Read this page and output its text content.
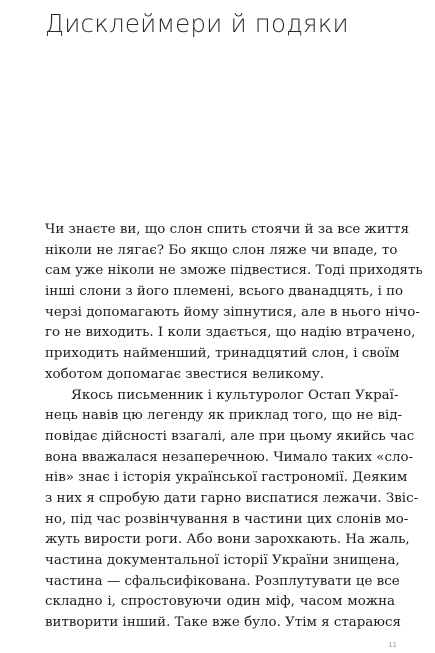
Дисклеймери й подяки
Чи знаєте ви, що слон спить стоячи й за все життя
ніколи не лягає? Бо якщо слон ляже чи впаде, то
сам уже ніколи не зможе підвестися. Тоді приходять
інші слони з його племені, всього дванадцять, і по
черзі допомагають йому зіпнутися, але в нього нічо-
го не виходить. І коли здається, що надію втрачено,
приходить найменший, тринадцятий слон, і своїм
хоботом допомагає звестися великому.
Якось письменник і культуролог Остап Украї-
нець навів цю легенду як приклад того, що не від-
повідає дійсності взагалі, але при цьому якийсь час
вона вважалася незаперечною. Чимало таких «сло-
нів» знає і історія української гастрономії. Деяким
з них я спробую дати гарно виспатися лежачи. Звіс-
но, під час розвінчування в частини цих слонів мо-
жуть вирости роги. Або вони зарохкають. На жаль,
частина документальної історії України знищена,
частина — сфальсифікована. Розплутувати це все
складно і, спростовуючи один міф, часом можна
витворити інший. Таке вже було. Утім я стараюся
11
